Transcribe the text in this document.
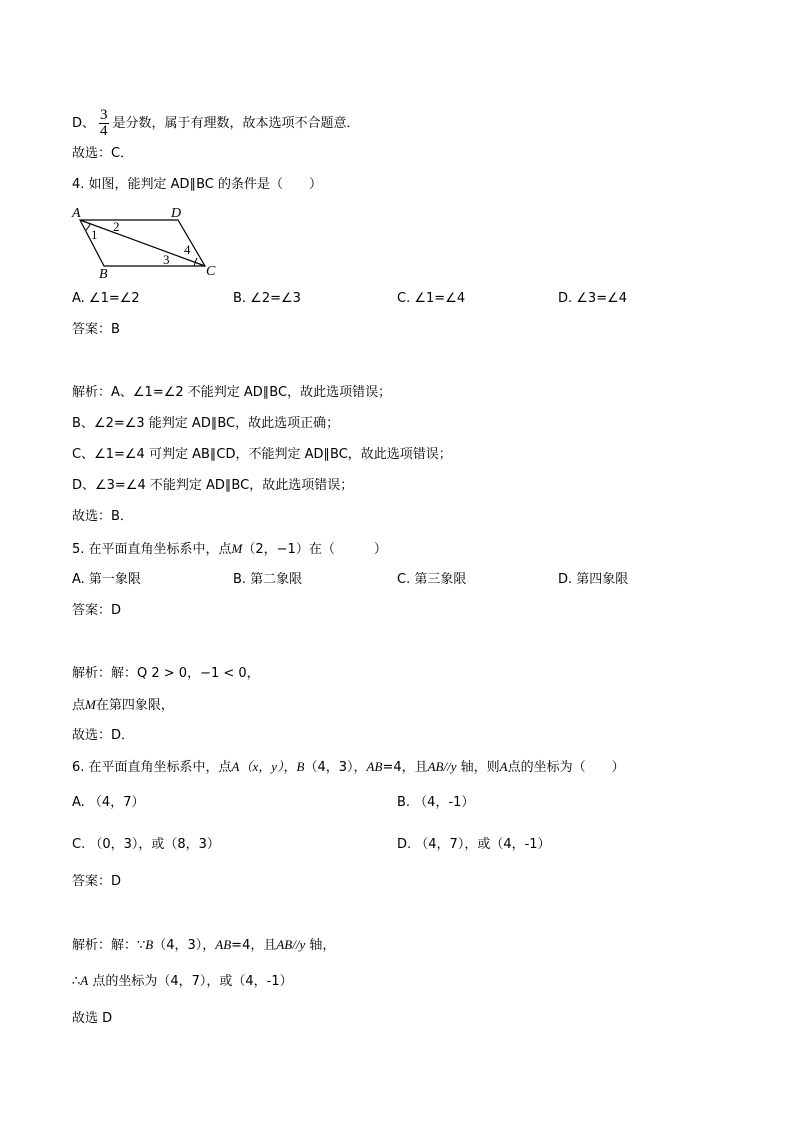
D、 $\frac{3}{4}$ 是分数，属于有理数，故本选项不合题意．
故选：C．
4. 如图，能判定 AD∥BC 的条件是（　　）
A	D
B	C
1
2
3
4
A. ∠1=∠2	B. ∠2=∠3	C. ∠1=∠4	D. ∠3=∠4
答案：B
解析：A、∠1=∠2 不能判定 AD∥BC，故此选项错误；
B、∠2=∠3 能判定 AD∥BC，故此选项正确；
C、∠1=∠4 可判定 AB∥CD，不能判定 AD∥BC，故此选项错误；
D、∠3=∠4 不能判定 AD∥BC，故此选项错误；
故选：B．
5. 在平面直角坐标系中，点M（2，−1）在（　　　）
A. 第一象限	B. 第二象限	C. 第三象限	D. 第四象限
答案：D
解析：解：Q 2 > 0，−1 < 0，
点M在第四象限，
故选：D．
6. 在平面直角坐标系中，点A（x，y），B（4，3），AB=4，且AB//y 轴，则A点的坐标为（　　）
A. （4，7）	B. （4，-1）
C. （0，3），或（8，3）	D. （4，7），或（4，-1）
答案：D
解析：解：∵B（4，3），AB=4，且AB//y 轴，
∴A 点的坐标为（4，7），或（4，-1）
故选 D
